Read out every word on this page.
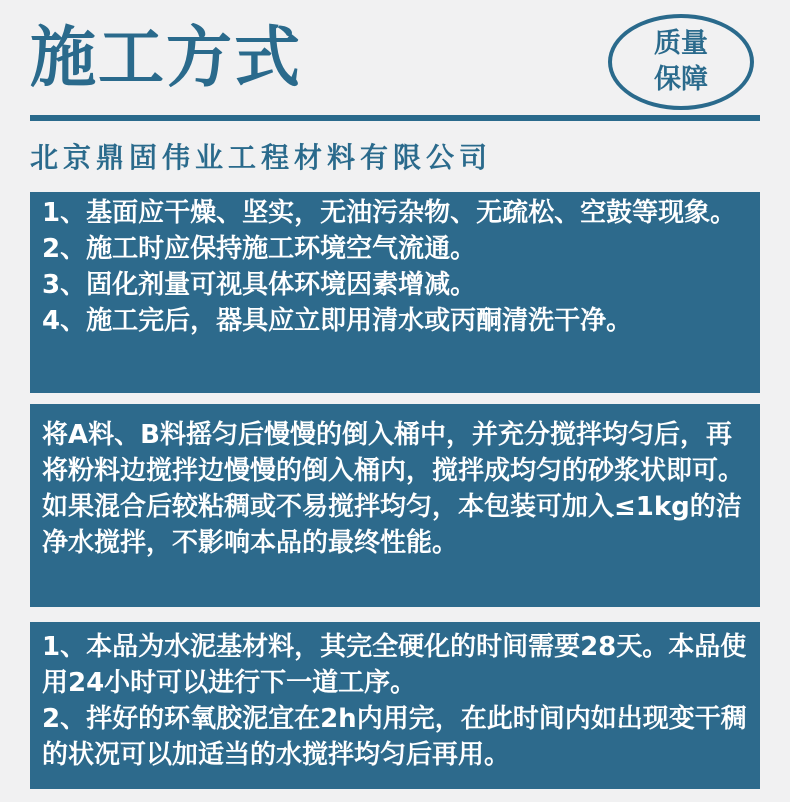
施工方式	质量
保障
北京鼎固伟业工程材料有限公司

1、基面应干燥、坚实，无油污杂物、无疏松、空鼓等现象。

2、施工时应保持施工环境空气流通。

3、固化剂量可视具体环境因素增减。

4、施工完后，器具应立即用清水或丙酮清洗干净。

将A料、B料摇匀后慢慢的倒入桶中，并充分搅拌均匀后，再将粉料边搅拌边慢慢的倒入桶内，搅拌成均匀的砂浆状即可。如果混合后较粘稠或不易搅拌均匀，本包装可加入≤1kg的洁净水搅拌，不影响本品的最终性能。

1、本品为水泥基材料，其完全硬化的时间需要28天。本品使用24小时可以进行下一道工序。

2、拌好的环氧胶泥宜在2h内用完，在此时间内如出现变干稠的状况可以加适当的水搅拌均匀后再用。
